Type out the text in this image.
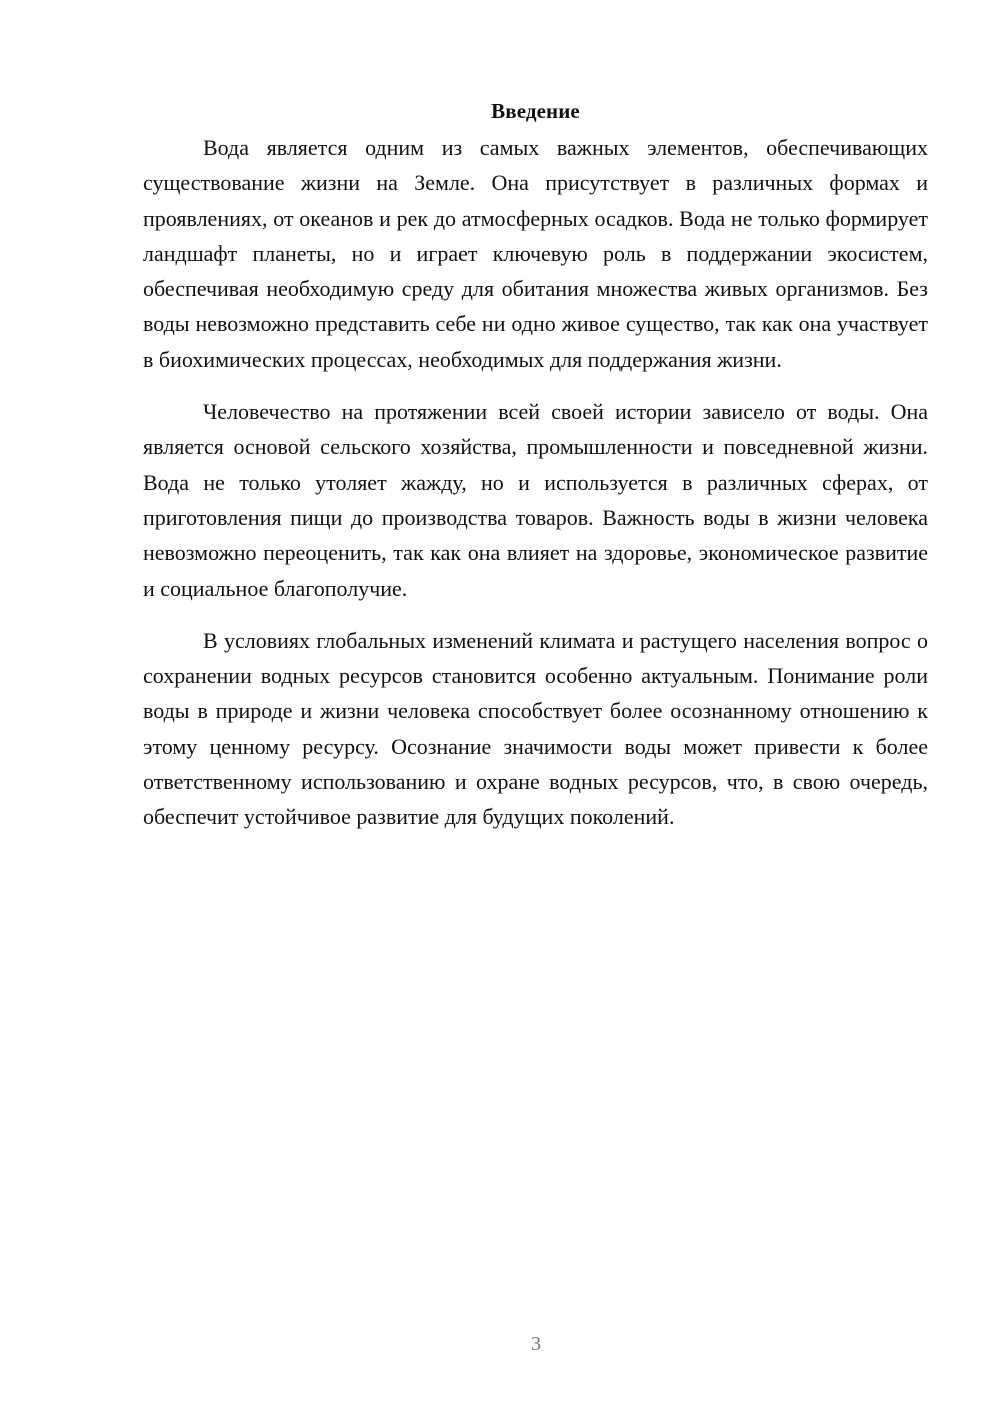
Введение

Вода является одним из самых важных элементов, обеспечивающих существование жизни на Земле. Она присутствует в различных формах и проявлениях, от океанов и рек до атмосферных осадков. Вода не только формирует ландшафт планеты, но и играет ключевую роль в поддержании экосистем, обеспечивая необходимую среду для обитания множества живых организмов. Без воды невозможно представить себе ни одно живое существо, так как она участвует в биохимических процессах, необходимых для поддержания жизни.

Человечество на протяжении всей своей истории зависело от воды. Она является основой сельского хозяйства, промышленности и повседневной жизни. Вода не только утоляет жажду, но и используется в различных сферах, от приготовления пищи до производства товаров. Важность воды в жизни человека невозможно переоценить, так как она влияет на здоровье, экономическое развитие и социальное благополучие.

В условиях глобальных изменений климата и растущего населения вопрос о сохранении водных ресурсов становится особенно актуальным. Понимание роли воды в природе и жизни человека способствует более осознанному отношению к этому ценному ресурсу. Осознание значимости воды может привести к более ответственному использованию и охране водных ресурсов, что, в свою очередь, обеспечит устойчивое развитие для будущих поколений.

3
